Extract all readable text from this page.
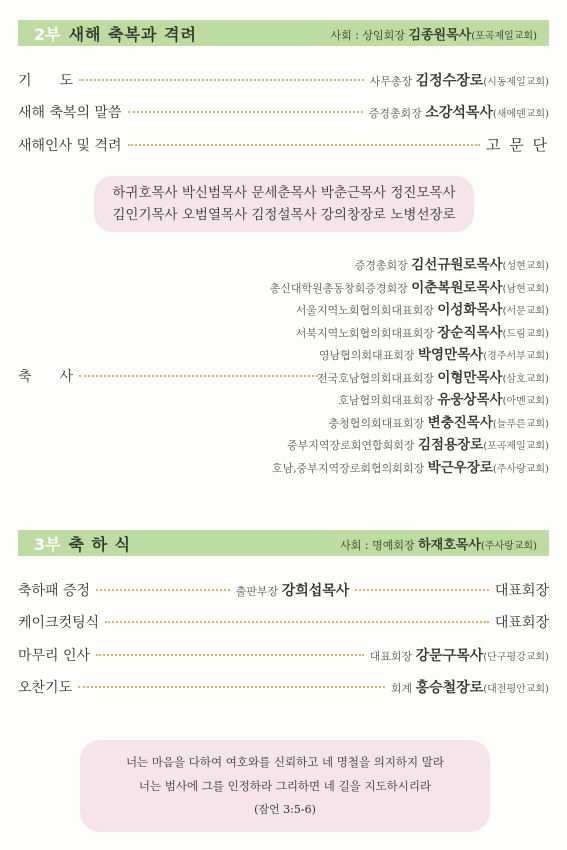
2부 새해 축복과 격려	사회 : 상임회장 김종원목사(포곡제일교회)
기　　도	사무총장 김정수장로(시동제일교회)
새해 축복의 말씀	증경총회장 소강석목사(새에덴교회)
새해인사 및 격려	고 문 단
하귀호목사 박신범목사 문세춘목사 박춘근목사 정진모목사
김인기목사 오범열목사 김정설목사 강의창장로 노병선장로
축　　사
증경총회장 김선규원로목사(성현교회)
총신대학원총동창회증경회장 이춘복원로목사(남현교회)
서울지역노회협의회대표회장 이성화목사(서문교회)
서북지역노회협의회대표회장 장순직목사(드림교회)
영남협의회대표회장 박영만목사(경주서부교회)
전국호남협의회대표회장 이형만목사(삼호교회)
호남협의회대표회장 유웅상목사(아멘교회)
충청협의회대표회장 변충진목사(늘푸른교회)
중부지역장로회연합회회장 김점용장로(포곡제일교회)
호남,중부지역장로회협의회회장 박근우장로(주사랑교회)
3부 축 하 식	사회 : 명예회장 하재호목사(주사랑교회)
축하패 증정	출판부장 강희섭목사	대표회장
케이크컷팅식	대표회장
마무리 인사	대표회장 강문구목사(단구평강교회)
오찬기도	회계 홍승철장로(대전평안교회)
너는 마음을 다하여 여호와를 신뢰하고 네 명철을 의지하지 말라
너는 범사에 그를 인정하라 그리하면 네 길을 지도하시리라
(잠언 3:5-6)
